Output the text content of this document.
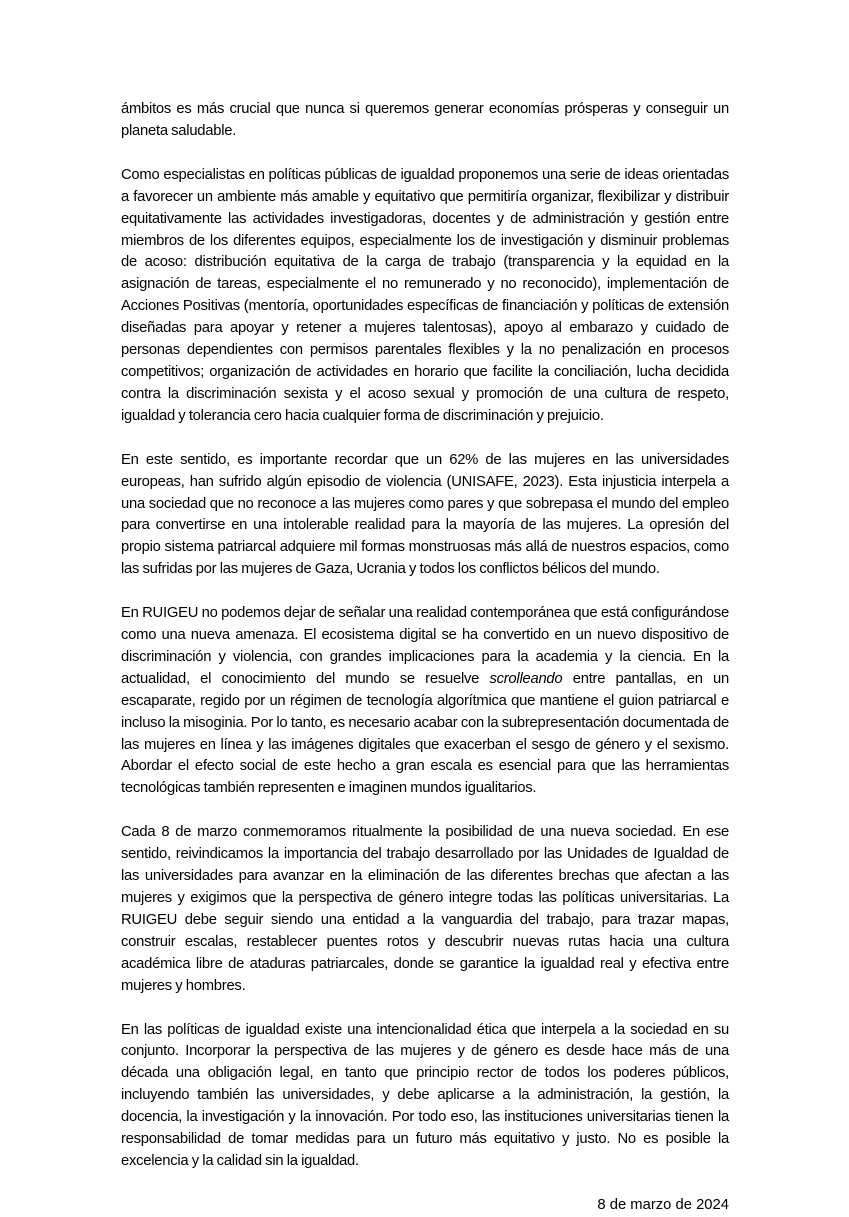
ámbitos es más crucial que nunca si queremos generar economías prósperas y conseguir un planeta saludable.

Como especialistas en políticas públicas de igualdad proponemos una serie de ideas orientadas a favorecer un ambiente más amable y equitativo que permitiría organizar, flexibilizar y distribuir equitativamente las actividades investigadoras, docentes y de administración y gestión entre miembros de los diferentes equipos, especialmente los de investigación y disminuir problemas de acoso: distribución equitativa de la carga de trabajo (transparencia y la equidad en la asignación de tareas, especialmente el no remunerado y no reconocido), implementación de Acciones Positivas (mentoría, oportunidades específicas de financiación y políticas de extensión diseñadas para apoyar y retener a mujeres talentosas), apoyo al embarazo y cuidado de personas dependientes con permisos parentales flexibles y la no penalización en procesos competitivos; organización de actividades en horario que facilite la conciliación, lucha decidida contra la discriminación sexista y el acoso sexual y promoción de una cultura de respeto, igualdad y tolerancia cero hacia cualquier forma de discriminación y prejuicio.

En este sentido, es importante recordar que un 62% de las mujeres en las universidades europeas, han sufrido algún episodio de violencia (UNISAFE, 2023). Esta injusticia interpela a una sociedad que no reconoce a las mujeres como pares y que sobrepasa el mundo del empleo para convertirse en una intolerable realidad para la mayoría de las mujeres. La opresión del propio sistema patriarcal adquiere mil formas monstruosas más allá de nuestros espacios, como las sufridas por las mujeres de Gaza, Ucrania y todos los conflictos bélicos del mundo.

En RUIGEU no podemos dejar de señalar una realidad contemporánea que está configurándose como una nueva amenaza. El ecosistema digital se ha convertido en un nuevo dispositivo de discriminación y violencia, con grandes implicaciones para la academia y la ciencia. En la actualidad, el conocimiento del mundo se resuelve scrolleando entre pantallas, en un escaparate, regido por un régimen de tecnología algorítmica que mantiene el guion patriarcal e incluso la misoginia. Por lo tanto, es necesario acabar con la subrepresentación documentada de las mujeres en línea y las imágenes digitales que exacerban el sesgo de género y el sexismo. Abordar el efecto social de este hecho a gran escala es esencial para que las herramientas tecnológicas también representen e imaginen mundos igualitarios.

Cada 8 de marzo conmemoramos ritualmente la posibilidad de una nueva sociedad. En ese sentido, reivindicamos la importancia del trabajo desarrollado por las Unidades de Igualdad de las universidades para avanzar en la eliminación de las diferentes brechas que afectan a las mujeres y exigimos que la perspectiva de género integre todas las políticas universitarias. La RUIGEU debe seguir siendo una entidad a la vanguardia del trabajo, para trazar mapas, construir escalas, restablecer puentes rotos y descubrir nuevas rutas hacia una cultura académica libre de ataduras patriarcales, donde se garantice la igualdad real y efectiva entre mujeres y hombres.

En las políticas de igualdad existe una intencionalidad ética que interpela a la sociedad en su conjunto. Incorporar la perspectiva de las mujeres y de género es desde hace más de una década una obligación legal, en tanto que principio rector de todos los poderes públicos, incluyendo también las universidades, y debe aplicarse a la administración, la gestión, la docencia, la investigación y la innovación. Por todo eso, las instituciones universitarias tienen la responsabilidad de tomar medidas para un futuro más equitativo y justo. No es posible la excelencia y la calidad sin la igualdad.

8 de marzo de 2024
